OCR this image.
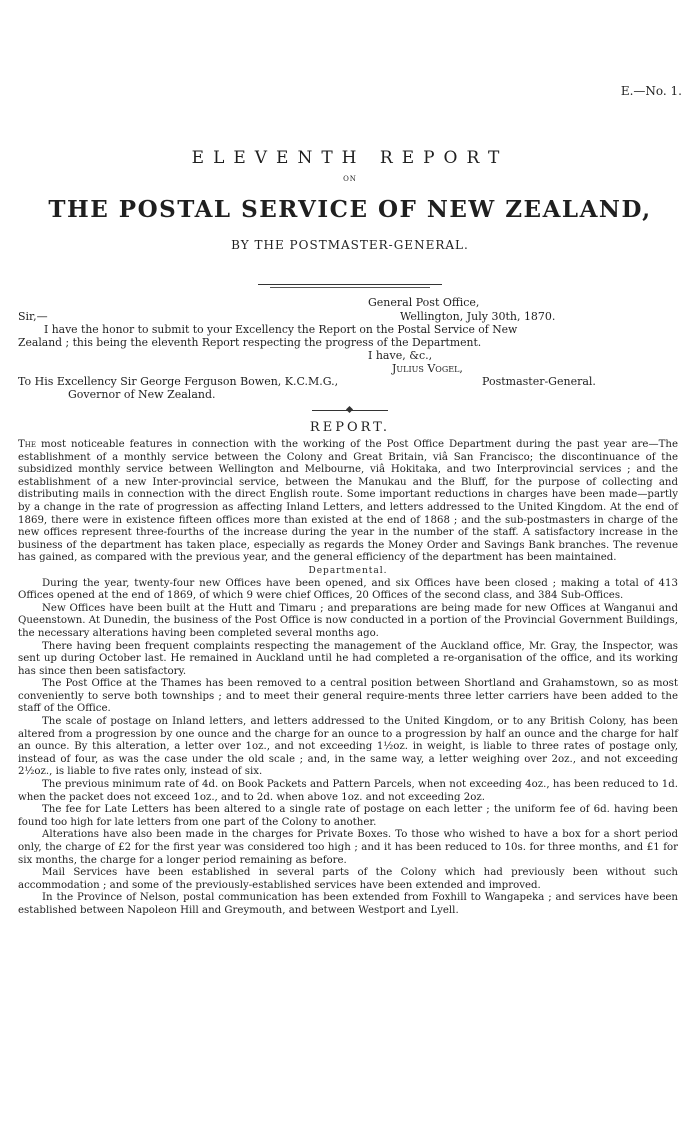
E.—No. 1.
ELEVENTH REPORT
ON
THE POSTAL SERVICE OF NEW ZEALAND,
BY THE POSTMASTER-GENERAL.
General Post Office,
Sir,—	Wellington, July 30th, 1870.
I have the honor to submit to your Excellency the Report on the Postal Service of New
Zealand ; this being the eleventh Report respecting the progress of the Department.
I have, &c.,
Julius Vogel,
To His Excellency Sir George Ferguson Bowen, K.C.M.G.,	Postmaster-General.
Governor of New Zealand.
REPORT.

The most noticeable features in connection with the working of the Post Office Department during the past year are—The establishment of a monthly service between the Colony and Great Britain, viâ San Francisco; the discontinuance of the subsidized monthly service between Wellington and Melbourne, viâ Hokitaka, and two Interprovincial services ; and the establishment of a new Inter-provincial service, between the Manukau and the Bluff, for the purpose of collecting and distributing mails in connection with the direct English route. Some important reductions in charges have been made—partly by a change in the rate of progression as affecting Inland Letters, and letters addressed to the United Kingdom. At the end of 1869, there were in existence fifteen offices more than existed at the end of 1868 ; and the sub-postmasters in charge of the new offices represent three-fourths of the increase during the year in the number of the staff. A satisfactory increase in the business of the department has taken place, especially as regards the Money Order and Savings Bank branches. The revenue has gained, as compared with the previous year, and the general efficiency of the department has been maintained.

Departmental.

During the year, twenty-four new Offices have been opened, and six Offices have been closed ; making a total of 413 Offices opened at the end of 1869, of which 9 were chief Offices, 20 Offices of the second class, and 384 Sub-Offices.

New Offices have been built at the Hutt and Timaru ; and preparations are being made for new Offices at Wanganui and Queenstown. At Dunedin, the business of the Post Office is now conducted in a portion of the Provincial Government Buildings, the necessary alterations having been completed several months ago.

There having been frequent complaints respecting the management of the Auckland office, Mr. Gray, the Inspector, was sent up during October last. He remained in Auckland until he had completed a re-organisation of the office, and its working has since then been satisfactory.

The Post Office at the Thames has been removed to a central position between Shortland and Grahamstown, so as most conveniently to serve both townships ; and to meet their general require-ments three letter carriers have been added to the staff of the Office.

The scale of postage on Inland letters, and letters addressed to the United Kingdom, or to any British Colony, has been altered from a progression by one ounce and the charge for an ounce to a progression by half an ounce and the charge for half an ounce. By this alteration, a letter over 1oz., and not exceeding 1½oz. in weight, is liable to three rates of postage only, instead of four, as was the case under the old scale ; and, in the same way, a letter weighing over 2oz., and not exceeding 2½oz., is liable to five rates only, instead of six.

The previous minimum rate of 4d. on Book Packets and Pattern Parcels, when not exceeding 4oz., has been reduced to 1d. when the packet does not exceed 1oz., and to 2d. when above 1oz. and not exceeding 2oz.

The fee for Late Letters has been altered to a single rate of postage on each letter ; the uniform fee of 6d. having been found too high for late letters from one part of the Colony to another.

Alterations have also been made in the charges for Private Boxes. To those who wished to have a box for a short period only, the charge of £2 for the first year was considered too high ; and it has been reduced to 10s. for three months, and £1 for six months, the charge for a longer period remaining as before.

Mail Services have been established in several parts of the Colony which had previously been without such accommodation ; and some of the previously-established services have been extended and improved.

In the Province of Nelson, postal communication has been extended from Foxhill to Wangapeka ; and services have been established between Napoleon Hill and Greymouth, and between Westport and Lyell.
